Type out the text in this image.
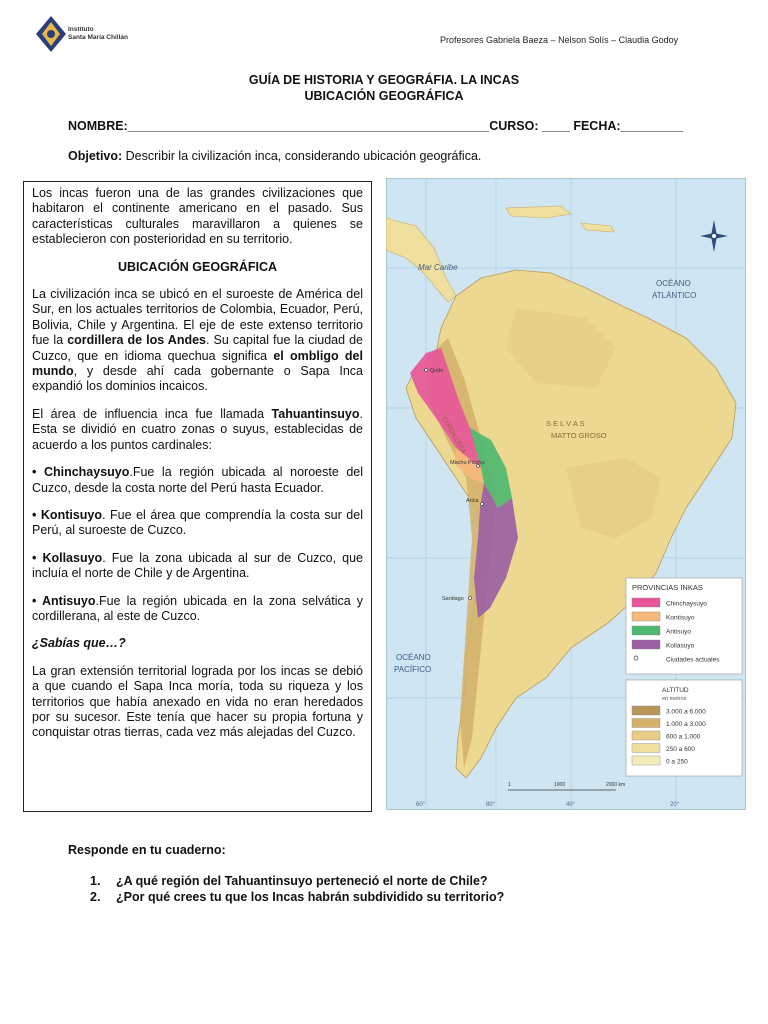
Instituto
Santa María Chillán	Profesores Gabriela Baeza – Nelson Solís – Claudia Godoy
GUÍA DE HISTORIA Y GEOGRÁFIA. LA INCAS
UBICACIÓN GEOGRÁFICA
NOMBRE:____________________________________________________CURSO: ____ FECHA:_________
Objetivo: Describir la civilización inca, considerando ubicación geográfica.

Los incas fueron una de las grandes civilizaciones que habitaron el continente americano en el pasado. Sus características culturales maravillaron a quienes se establecieron con posterioridad en su territorio.

UBICACIÓN GEOGRÁFICA

La civilización inca se ubicó en el suroeste de América del Sur, en los actuales territorios de Colombia, Ecuador, Perú, Bolivia, Chile y Argentina. El eje de este extenso territorio fue la cordillera de los Andes. Su capital fue la ciudad de Cuzco, que en idioma quechua significa el ombligo del mundo, y desde ahí cada gobernante o Sapa Inca expandió los dominios incaicos.

El área de influencia inca fue llamada Tahuantinsuyo. Esta se dividió en cuatro zonas o suyus, establecidas de acuerdo a los puntos cardinales:

• Chinchaysuyo.Fue la región ubicada al noroeste del Cuzco, desde la costa norte del Perú hasta Ecuador.

• Kontisuyo. Fue el área que comprendía la costa sur del Perú, al suroeste de Cuzco.

• Kollasuyo. Fue la zona ubicada al sur de Cuzco, que incluía el norte de Chile y de Argentina.

• Antisuyo.Fue la región ubicada en la zona selvática y cordillerana, al este de Cuzco.

¿Sabías que…?

La gran extensión territorial lograda por los incas se debió a que cuando el Sapa Inca moría, toda su riqueza y los territorios que había anexado en vida no eran heredados por su sucesor. Este tenía que hacer su propia fortuna y conquistar otras tierras, cada vez más alejadas del Cuzco.

Mar Caribe
OCÉANO
ATLÁNTICO
OCÉANO
PACÍFICO
S E L V A S
MATTO GROSO
CORDILLERA
Quito
Machu Picchu
Arica
Santiago
PROVINCIAS INKAS
Chinchaysuyo
Kontisuyo
Antisuyo
Kollasuyo
Ciudades actuales
ALTITUD
en metros
3.000 a 6.000
1.000 a 3.000
600 a 1.000
250 a 600
0 a 250
1	1000	2000 km
60°	80°	40°	20°
Responde en tu cuaderno:
1. ¿A qué región del Tahuantinsuyo perteneció el norte de Chile?
2. ¿Por qué crees tu que los Incas habrán subdividido su territorio?
